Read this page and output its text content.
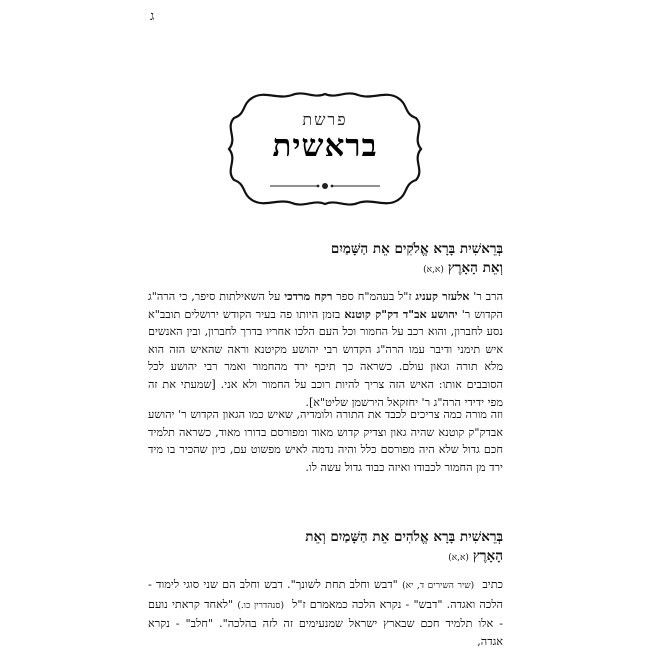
ג
פרשת
בראשית
בְּרֵאשִׁית בָּרָא אֱלֹקִים אֵת הַשָּׁמַיִם
וְאֵת הָאָרֶץ(א,א)
הרב ר' אלעזר קעניג ז"ל בעהמ"ח ספר רקח מרדכי על השאילתות סיפר, כי הרה"ג הקדוש ר' יהושע אב"ד דק"ק קוטנא בזמן היותו פה בעיר הקודש ירושלים תובב"א נסע לחברון, והוא רכב על החמור וכל העם הלכו אחריו בדרך לחברון, ובין האנשים איש תימני ודיבר עמו הרה"ג הקדוש רבי יהושע מקיטנא וראה שהאיש הזה הוא מלא תורה וגאון עולם. כשראה כך תיכף ירד מהחמור ואמר רבי יהושע לכל הסובבים אותו: האיש הזה צריך להיות רוכב על החמור ולא אני. [שמעתי את זה מפי ידידי הרה"ג ר' יחזקאל הירשמן שליט"א].
וזה מורה כמה צריכים לכבד את התורה ולומדיה, שאיש כמו הגאון הקדוש ר' יהושע אבדק"ק קוטנא שהיה גאון וצדיק קדוש מאוד ומפורסם בדורו מאוד, כשראה תלמיד חכם גדול שלא היה מפורסם כלל והיה נדמה לאיש מפשוט עם, כיון שהכיר בו מיד ירד מן החמור לכבודו ואיזה כבוד גדול עשה לו.
בְּרֵאשִׁית בָּרָא אֱלֹהִים אֵת הַשָּׁמַיִם וְאֵת
הָאָרֶץ(א,א)
כתיב (שיר השירים ד, יא) "דבש וחלב תחת לשונך". דבש וחלב הם שני סוגי לימוד - הלכה ואגדה. "דבש" - נקרא הלכה כמאמרם ז"ל (סנהדרין כו.) "לאחד קראתי נועם - אלו תלמיד חכם שבארץ ישראל שמנעימים זה לזה בהלכה". "חלב" - נקרא אגדה,
